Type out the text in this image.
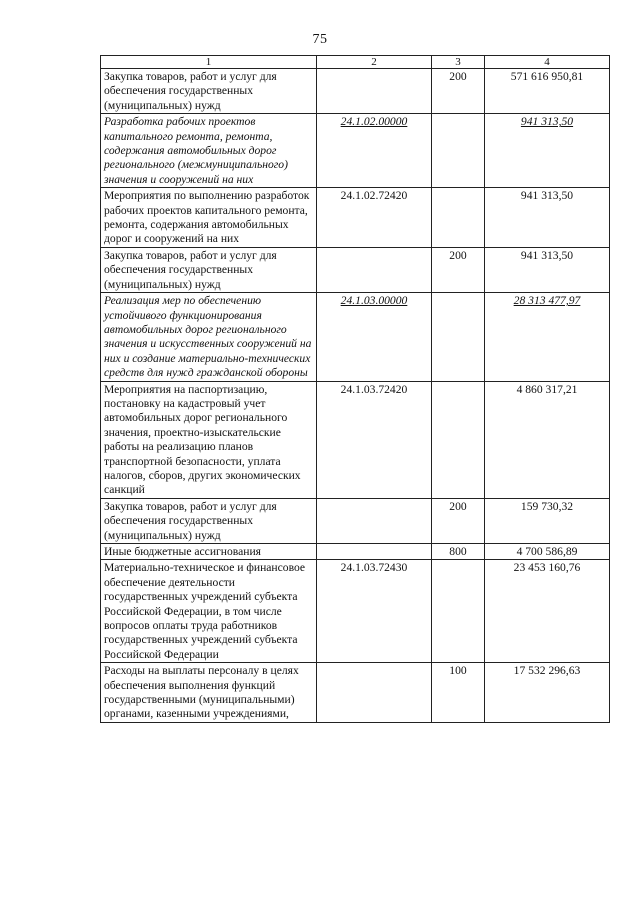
75
1	2	3	4
Закупка товаров, работ и услуг для обеспечения государственных (муниципальных) нужд		200	571 616 950,81
Разработка рабочих проектов капитального ремонта, ремонта, содержания автомобильных дорог регионального (межмуниципального) значения и сооружений на них	24.1.02.00000		941 313,50
Мероприятия по выполнению разработок рабочих проектов капитального ремонта, ремонта, содержания автомобильных дорог и сооружений на них	24.1.02.72420		941 313,50
Закупка товаров, работ и услуг для обеспечения государственных (муниципальных) нужд		200	941 313,50
Реализация мер по обеспечению устойчивого функционирования автомобильных дорог регионального значения и искусственных сооружений на них и создание материально-технических средств для нужд гражданской обороны	24.1.03.00000		28 313 477,97
Мероприятия на паспортизацию, постановку на кадастровый учет автомобильных дорог регионального значения, проектно-изыскательские работы на реализацию планов транспортной безопасности, уплата налогов, сборов, других экономических санкций	24.1.03.72420		4 860 317,21
Закупка товаров, работ и услуг для обеспечения государственных (муниципальных) нужд		200	159 730,32
Иные бюджетные ассигнования		800	4 700 586,89
Материально-техническое и финансовое обеспечение деятельности государственных учреждений субъекта Российской Федерации, в том числе вопросов оплаты труда работников государственных учреждений субъекта Российской Федерации	24.1.03.72430		23 453 160,76
Расходы на выплаты персоналу в целях обеспечения выполнения функций государственными (муниципальными) органами, казенными учреждениями,		100	17 532 296,63
